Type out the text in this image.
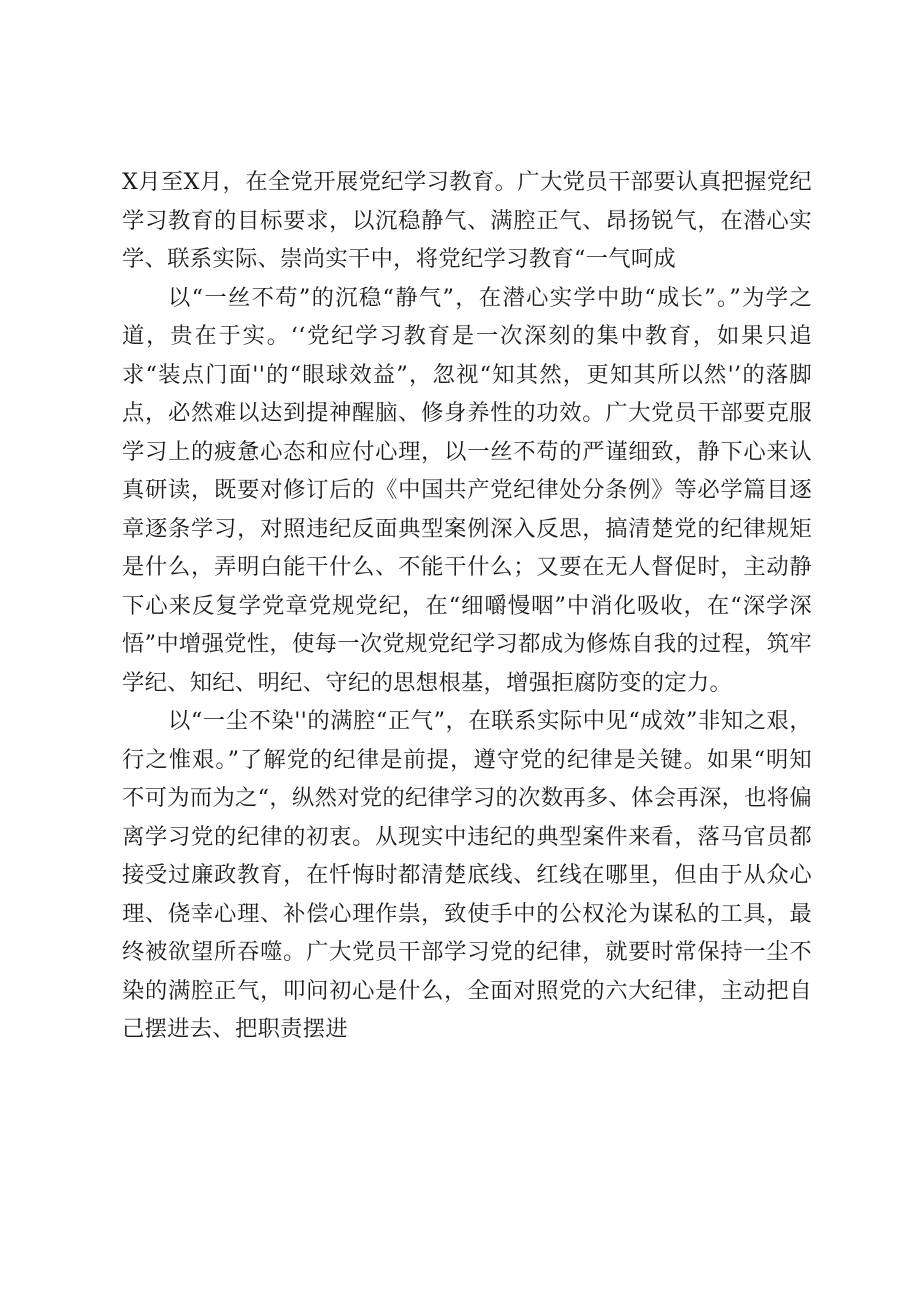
X月至X月，在全党开展党纪学习教育。广大党员干部要认真把握党纪学习教育的目标要求，以沉稳静气、满腔正气、昂扬锐气，在潜心实学、联系实际、崇尚实干中，将党纪学习教育“一气呵成

以“一丝不苟”的沉稳“静气”，在潜心实学中助“成长”。”为学之道，贵在于实。‘‘党纪学习教育是一次深刻的集中教育，如果只追求“装点门面''的“眼球效益”，忽视“知其然，更知其所以然'’的落脚点，必然难以达到提神醒脑、修身养性的功效。广大党员干部要克服学习上的疲惫心态和应付心理，以一丝不苟的严谨细致，静下心来认真研读，既要对修订后的《中国共产党纪律处分条例》等必学篇目逐章逐条学习，对照违纪反面典型案例深入反思，搞清楚党的纪律规矩是什么，弄明白能干什么、不能干什么；又要在无人督促时，主动静下心来反复学党章党规党纪，在“细嚼慢咽”中消化吸收，在“深学深悟”中增强党性，使每一次党规党纪学习都成为修炼自我的过程，筑牢学纪、知纪、明纪、守纪的思想根基，增强拒腐防变的定力。

以“一尘不染''的满腔“正气”，在联系实际中见“成效”非知之艰，行之惟艰。”了解党的纪律是前提，遵守党的纪律是关键。如果“明知不可为而为之“，纵然对党的纪律学习的次数再多、体会再深，也将偏离学习党的纪律的初衷。从现实中违纪的典型案件来看，落马官员都接受过廉政教育，在忏悔时都清楚底线、红线在哪里，但由于从众心理、侥幸心理、补偿心理作祟，致使手中的公权沦为谋私的工具，最终被欲望所吞噬。广大党员干部学习党的纪律，就要时常保持一尘不染的满腔正气，叩问初心是什么，全面对照党的六大纪律，主动把自己摆进去、把职责摆进
